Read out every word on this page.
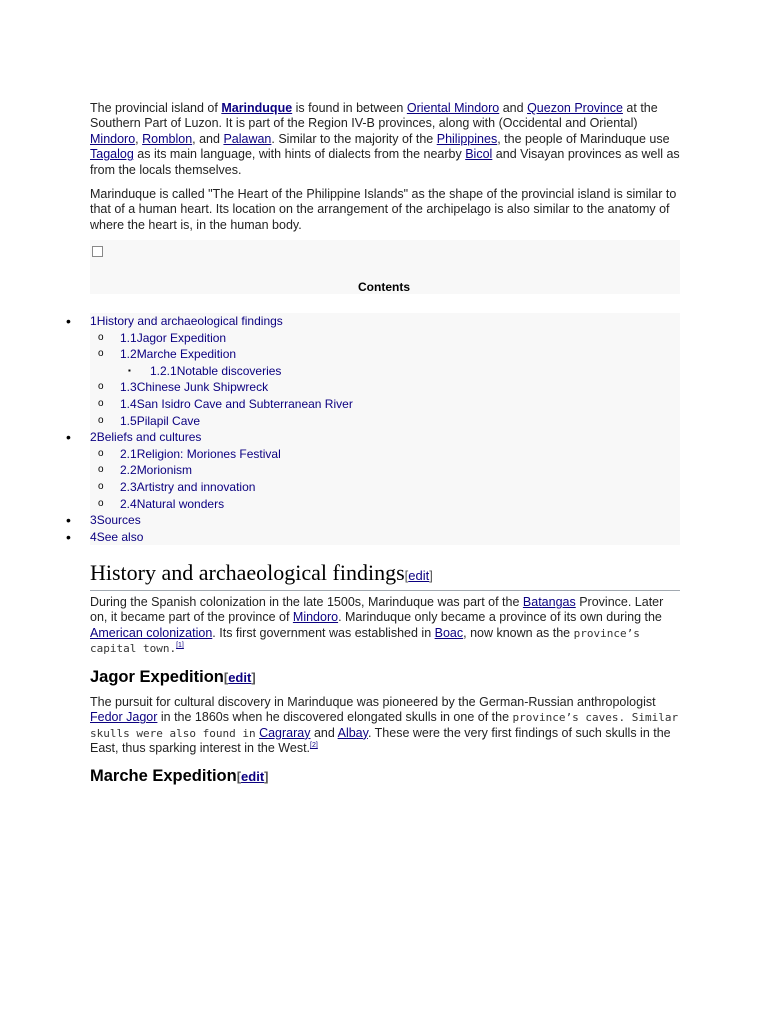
The provincial island of Marinduque is found in between Oriental Mindoro and Quezon Province at the Southern Part of Luzon. It is part of the Region IV-B provinces, along with (Occidental and Oriental) Mindoro, Romblon, and Palawan. Similar to the majority of the Philippines, the people of Marinduque use Tagalog as its main language, with hints of dialects from the nearby Bicol and Visayan provinces as well as from the locals themselves.

Marinduque is called "The Heart of the Philippine Islands" as the shape of the provincial island is similar to that of a human heart. Its location on the arrangement of the archipelago is also similar to the anatomy of where the heart is, in the human body.

Contents
• 1History and archaeological findings
o 1.1Jagor Expedition
o 1.2Marche Expedition
▪ 1.2.1Notable discoveries
o 1.3Chinese Junk Shipwreck
o 1.4San Isidro Cave and Subterranean River
o 1.5Pilapil Cave
• 2Beliefs and cultures
o 2.1Religion: Moriones Festival
o 2.2Morionism
o 2.3Artistry and innovation
o 2.4Natural wonders
• 3Sources
• 4See also
History and archaeological findings[edit]

During the Spanish colonization in the late 1500s, Marinduque was part of the Batangas Province. Later on, it became part of the province of Mindoro. Marinduque only became a province of its own during the American colonization. Its first government was established in Boac, now known as the province’s capital town.[1]

Jagor Expedition[edit]

The pursuit for cultural discovery in Marinduque was pioneered by the German-Russian anthropologist Fedor Jagor in the 1860s when he discovered elongated skulls in one of the province’s caves. Similar skulls were also found in Cagraray and Albay. These were the very first findings of such skulls in the East, thus sparking interest in the West.[2]

Marche Expedition[edit]
